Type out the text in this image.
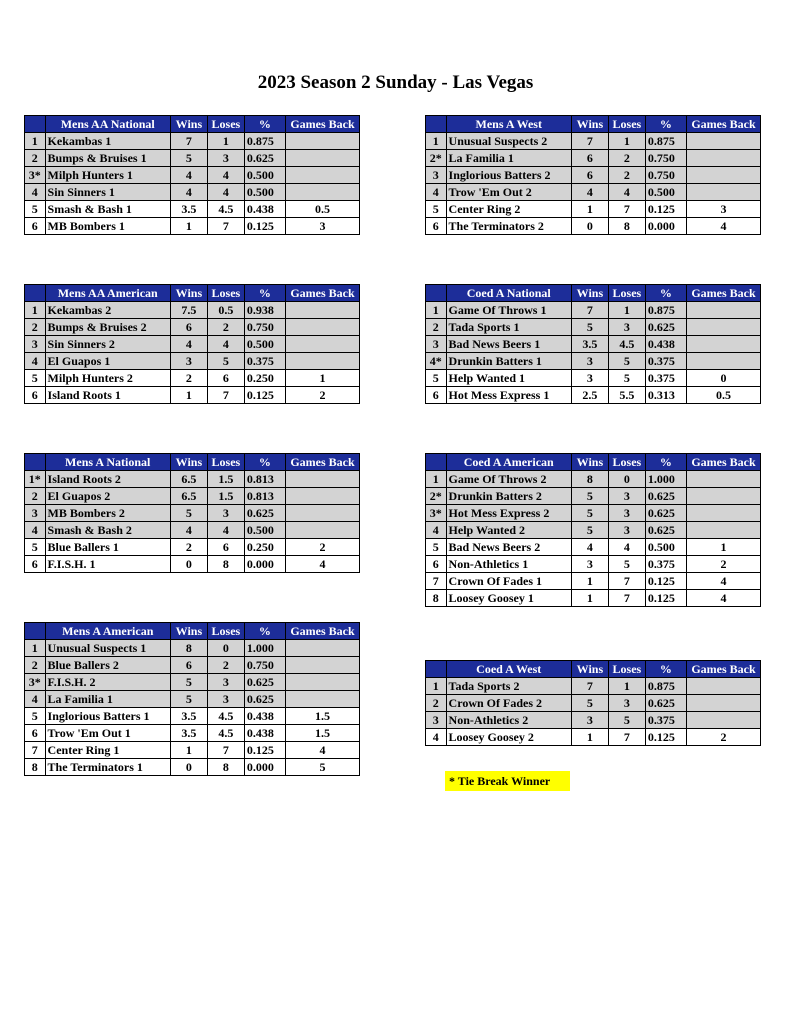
2023 Season 2 Sunday - Las Vegas
	Mens AA National	Wins	Loses	%	Games Back
1	Kekambas 1	7	1	0.875	
2	Bumps & Bruises 1	5	3	0.625	
3*	Milph Hunters 1	4	4	0.500	
4	Sin Sinners 1	4	4	0.500	
5	Smash & Bash 1	3.5	4.5	0.438	0.5
6	MB Bombers 1	1	7	0.125	3
	Mens A West	Wins	Loses	%	Games Back
1	Unusual Suspects 2	7	1	0.875	
2*	La Familia 1	6	2	0.750	
3	Inglorious Batters 2	6	2	0.750	
4	Trow 'Em Out 2	4	4	0.500	
5	Center Ring 2	1	7	0.125	3
6	The Terminators 2	0	8	0.000	4
	Mens AA American	Wins	Loses	%	Games Back
1	Kekambas 2	7.5	0.5	0.938	
2	Bumps & Bruises 2	6	2	0.750	
3	Sin Sinners 2	4	4	0.500	
4	El Guapos 1	3	5	0.375	
5	Milph Hunters 2	2	6	0.250	1
6	Island Roots 1	1	7	0.125	2
	Coed A National	Wins	Loses	%	Games Back
1	Game Of Throws 1	7	1	0.875	
2	Tada Sports 1	5	3	0.625	
3	Bad News Beers 1	3.5	4.5	0.438	
4*	Drunkin Batters 1	3	5	0.375	
5	Help Wanted 1	3	5	0.375	0
6	Hot Mess Express 1	2.5	5.5	0.313	0.5
	Mens A National	Wins	Loses	%	Games Back
1*	Island Roots 2	6.5	1.5	0.813	
2	El Guapos 2	6.5	1.5	0.813	
3	MB Bombers 2	5	3	0.625	
4	Smash & Bash 2	4	4	0.500	
5	Blue Ballers 1	2	6	0.250	2
6	F.I.S.H. 1	0	8	0.000	4
	Coed A American	Wins	Loses	%	Games Back
1	Game Of Throws 2	8	0	1.000	
2*	Drunkin Batters 2	5	3	0.625	
3*	Hot Mess Express 2	5	3	0.625	
4	Help Wanted 2	5	3	0.625	
5	Bad News Beers 2	4	4	0.500	1
6	Non-Athletics 1	3	5	0.375	2
7	Crown Of Fades 1	1	7	0.125	4
8	Loosey Goosey 1	1	7	0.125	4
	Mens A American	Wins	Loses	%	Games Back
1	Unusual Suspects 1	8	0	1.000	
2	Blue Ballers 2	6	2	0.750	
3*	F.I.S.H. 2	5	3	0.625	
4	La Familia 1	5	3	0.625	
5	Inglorious Batters 1	3.5	4.5	0.438	1.5
6	Trow 'Em Out 1	3.5	4.5	0.438	1.5
7	Center Ring 1	1	7	0.125	4
8	The Terminators 1	0	8	0.000	5
	Coed A West	Wins	Loses	%	Games Back
1	Tada Sports 2	7	1	0.875	
2	Crown Of Fades 2	5	3	0.625	
3	Non-Athletics 2	3	5	0.375	
4	Loosey Goosey 2	1	7	0.125	2
* Tie Break Winner
